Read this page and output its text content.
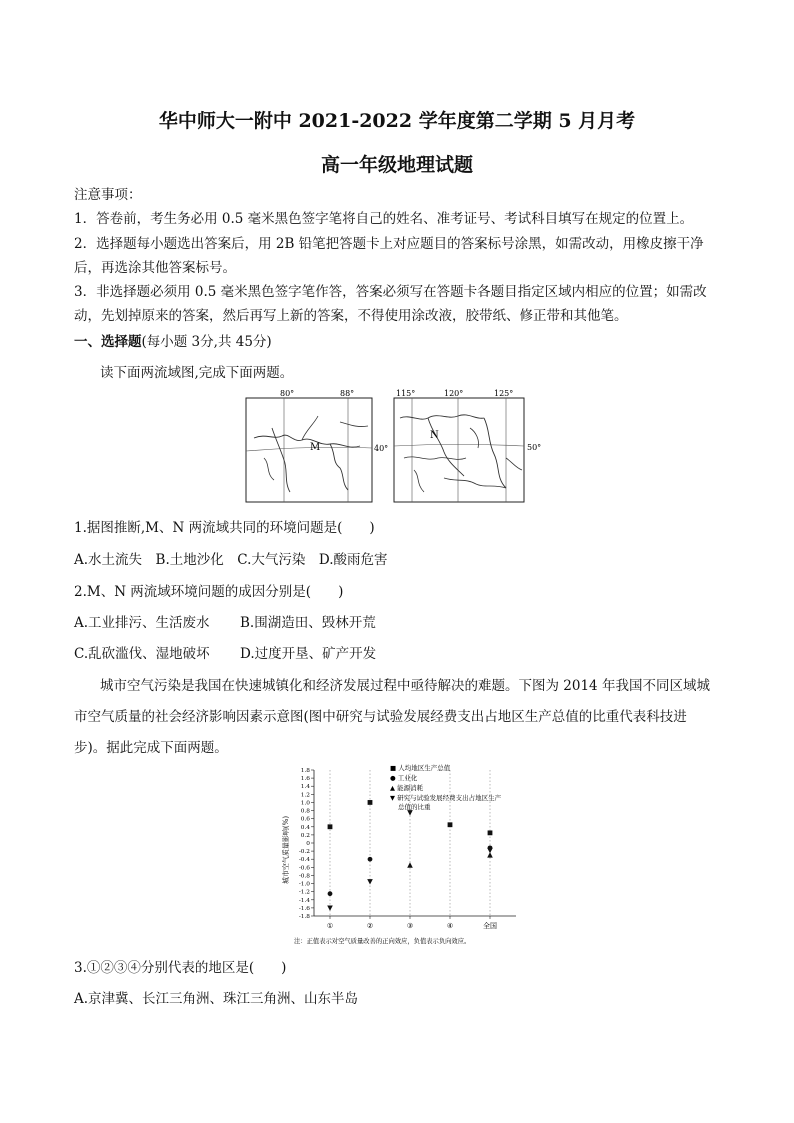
华中师大一附中 2021-2022 学年度第二学期 5 月月考
高一年级地理试题
注意事项：
1．答卷前，考生务必用 0.5 毫米黑色签字笔将自己的姓名、准考证号、考试科目填写在规定的位置上。
2．选择题每小题选出答案后，用 2B 铅笔把答题卡上对应题目的答案标号涂黑，如需改动，用橡皮擦干净
后，再选涂其他答案标号。
3．非选择题必须用 0.5 毫米黑色签字笔作答，答案必须写在答题卡各题目指定区域内相应的位置；如需改
动，先划掉原来的答案，然后再写上新的答案，不得使用涂改液，胶带纸、修正带和其他笔。
一、选择题(每小题 3分,共 45分)
读下面两流域图,完成下面两题。
80°	88°
40°
M
115°	120°	125°
50°
N
1.据图推断,M、N 两流域共同的环境问题是(　　)
A.水土流失　B.土地沙化　C.大气污染　D.酸雨危害
2.M、N 两流域环境问题的成因分别是(　　)
A.工业排污、生活废水 B.围湖造田、毁林开荒
C.乱砍滥伐、湿地破坏 D.过度开垦、矿产开发
城市空气污染是我国在快速城镇化和经济发展过程中亟待解决的难题。下图为 2014 年我国不同区域城
市空气质量的社会经济影响因素示意图(图中研究与试验发展经费支出占地区生产总值的比重代表科技进
步)。据此完成下面两题。
城市空气质量影响(%)
1.8
1.6
1.4
1.2
1.0
0.8
0.6
0.4
0.2
0
-0.2
-0.4
-0.6
-0.8
-1.0
-1.2
-1.4
-1.6
-1.8
①	②	③	④	全国
■ 人均地区生产总值
● 工业化
▲ 能源消耗
▼ 研究与试验发展经费支出占地区生产
总值的比重
注：正值表示对空气质量改善的正向效应，负值表示负向效应。
3.①②③④分别代表的地区是(　　)
A.京津冀、长江三角洲、珠江三角洲、山东半岛
